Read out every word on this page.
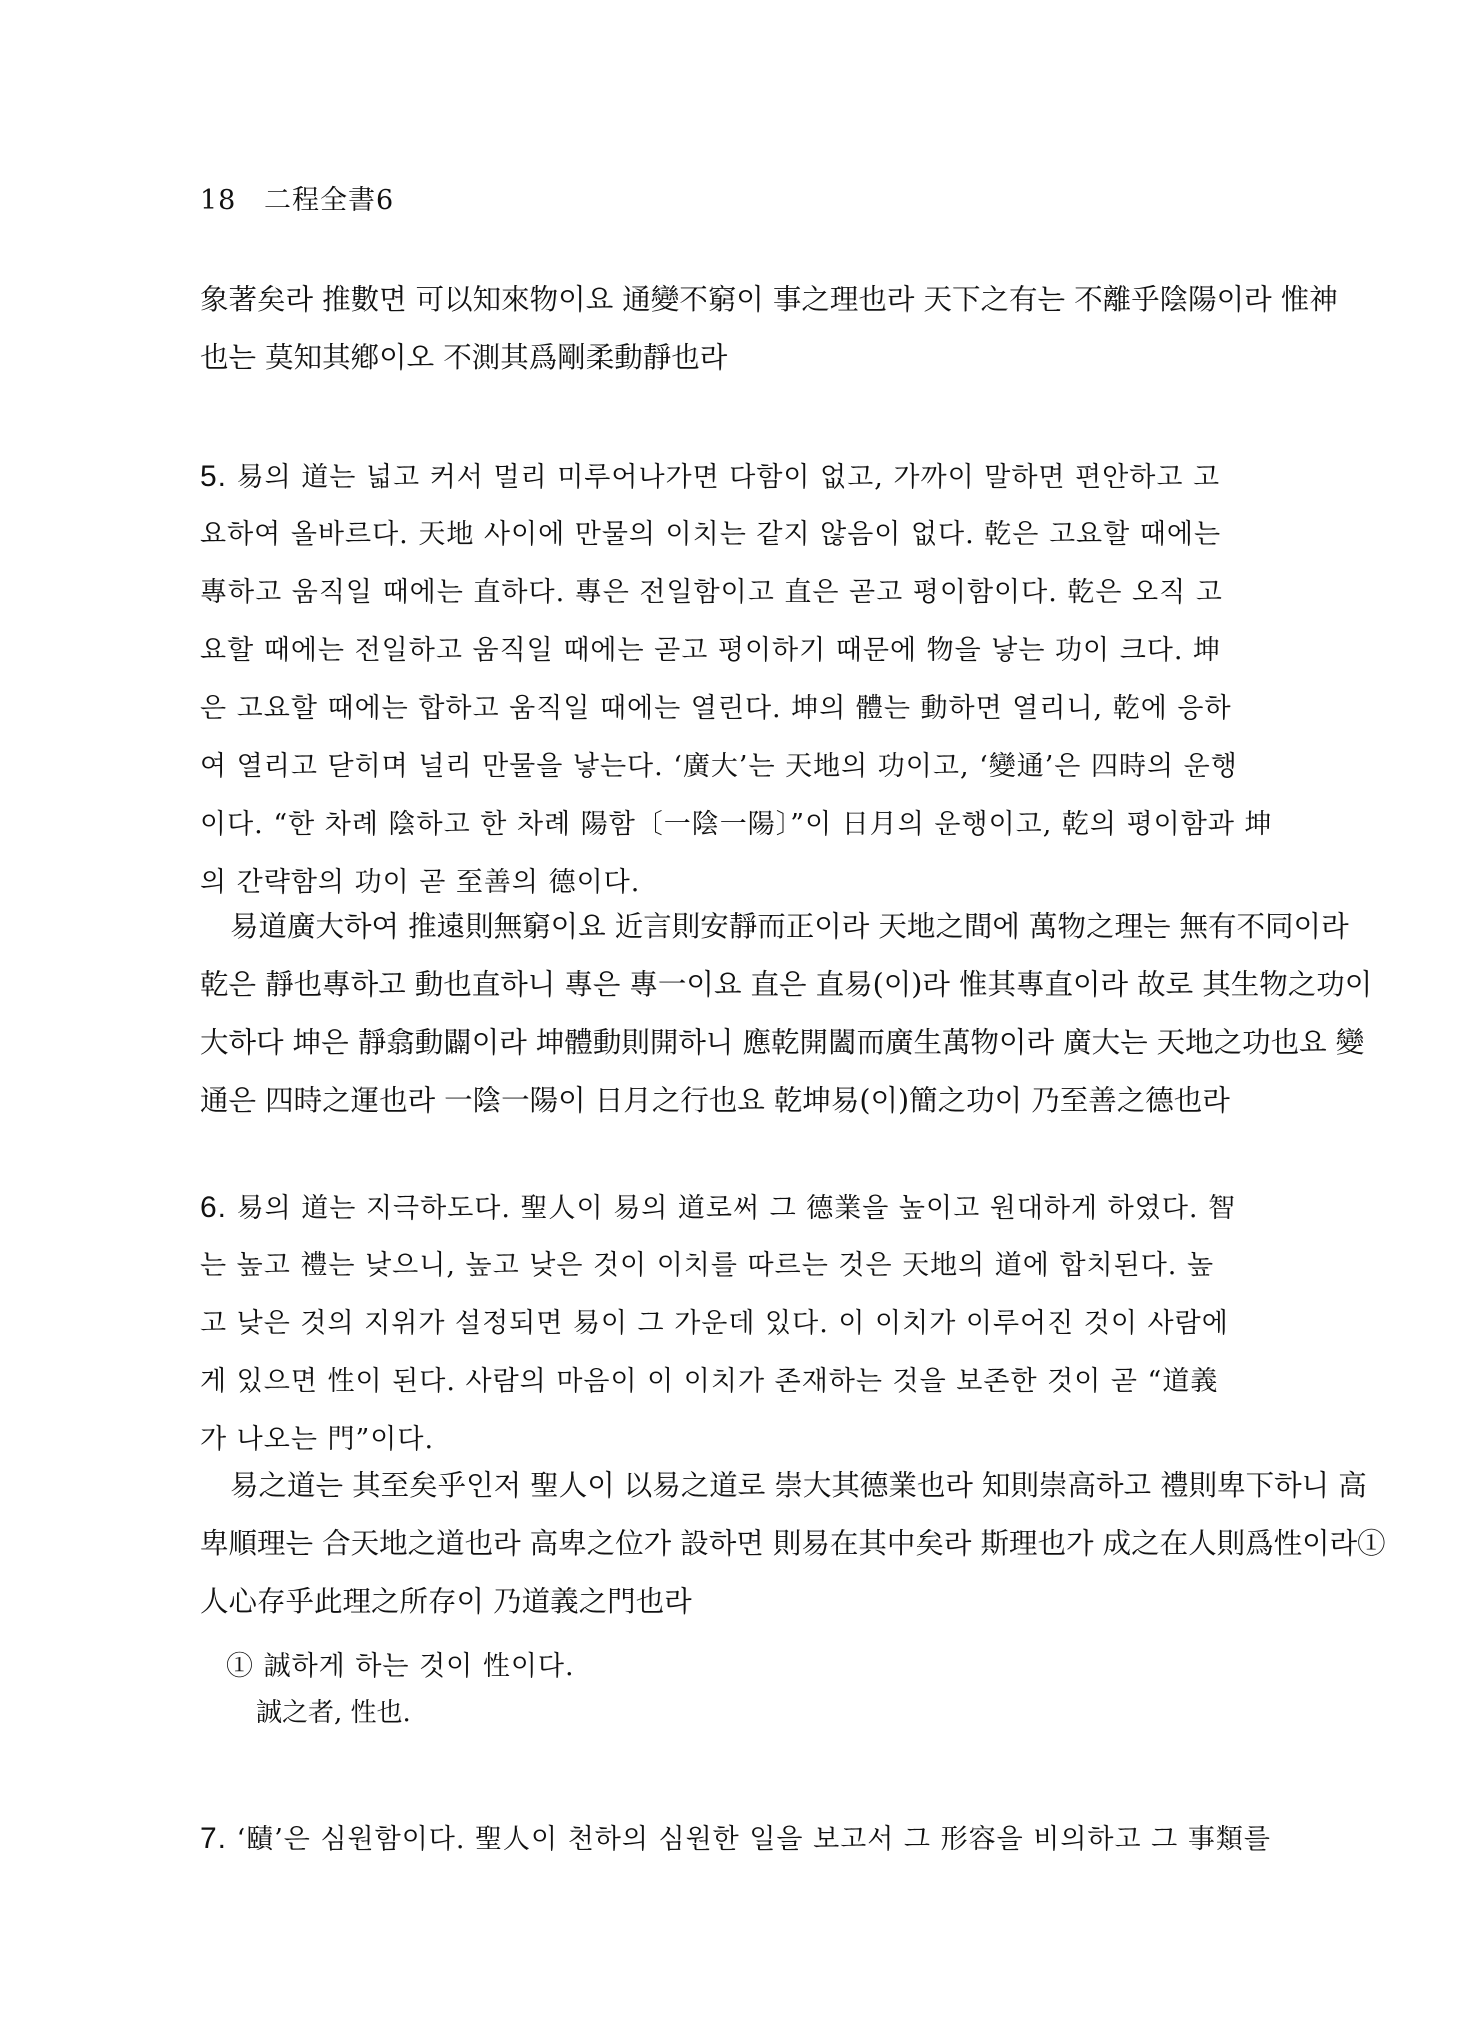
18 二程全書6
象著矣라 推數면 可以知來物이요 通變不窮이 事之理也라 天下之有는 不離乎陰陽이라 惟神
也는 莫知其鄕이오 不測其爲剛柔動靜也라
5. 易의 道는 넓고 커서 멀리 미루어나가면 다함이 없고, 가까이 말하면 편안하고 고
요하여 올바르다. 天地 사이에 만물의 이치는 같지 않음이 없다. 乾은 고요할 때에는
專하고 움직일 때에는 直하다. 專은 전일함이고 直은 곧고 평이함이다. 乾은 오직 고
요할 때에는 전일하고 움직일 때에는 곧고 평이하기 때문에 物을 낳는 功이 크다. 坤
은 고요할 때에는 합하고 움직일 때에는 열린다. 坤의 體는 動하면 열리니, 乾에 응하
여 열리고 닫히며 널리 만물을 낳는다. ‘廣大’는 天地의 功이고, ‘變通’은 四時의 운행
이다. “한 차례 陰하고 한 차례 陽함〔一陰一陽〕”이 日月의 운행이고, 乾의 평이함과 坤
의 간략함의 功이 곧 至善의 德이다.
易道廣大하여 推遠則無窮이요 近言則安靜而正이라 天地之間에 萬物之理는 無有不同이라
乾은 靜也專하고 動也直하니 專은 專一이요 直은 直易(이)라 惟其專直이라 故로 其生物之功이
大하다 坤은 靜翕動闢이라 坤體動則開하니 應乾開闔而廣生萬物이라 廣大는 天地之功也요 變
通은 四時之運也라 一陰一陽이 日月之行也요 乾坤易(이)簡之功이 乃至善之德也라
6. 易의 道는 지극하도다. 聖人이 易의 道로써 그 德業을 높이고 원대하게 하였다. 智
는 높고 禮는 낮으니, 높고 낮은 것이 이치를 따르는 것은 天地의 道에 합치된다. 높
고 낮은 것의 지위가 설정되면 易이 그 가운데 있다. 이 이치가 이루어진 것이 사람에
게 있으면 性이 된다. 사람의 마음이 이 이치가 존재하는 것을 보존한 것이 곧 “道義
가 나오는 門”이다.
易之道는 其至矣乎인저 聖人이 以易之道로 崇大其德業也라 知則崇高하고 禮則卑下하니 高
卑順理는 合天地之道也라 高卑之位가 設하면 則易在其中矣라 斯理也가 成之在人則爲性이라①
人心存乎此理之所存이 乃道義之門也라
① 誠하게 하는 것이 性이다.
誠之者, 性也.
7. ‘賾’은 심원함이다. 聖人이 천하의 심원한 일을 보고서 그 形容을 비의하고 그 事類를
